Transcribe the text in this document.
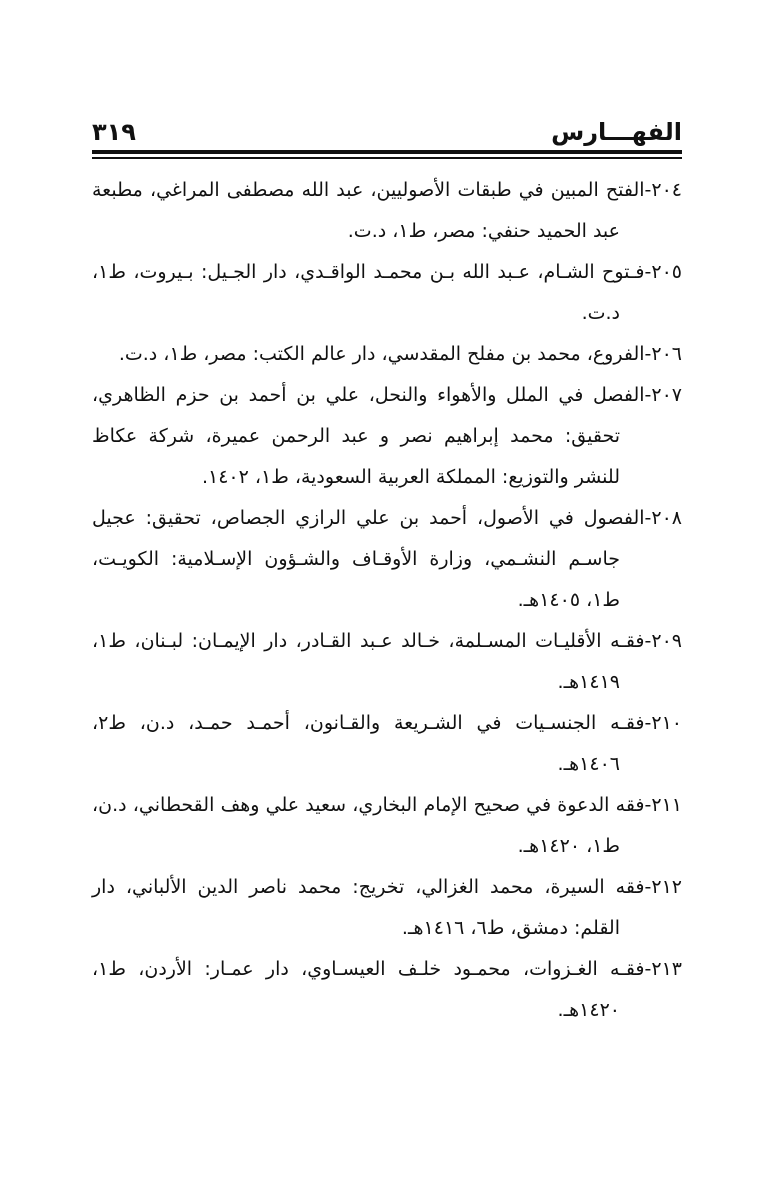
الفهـــارس
٣١٩

٢٠٤-الفتح المبين في طبقات الأصوليين، عبد الله مصطفى المراغي، مطبعة عبد الحميد حنفي: مصر، ط١، د.ت.

٢٠٥-فـتوح الشـام، عـبد الله بـن محمـد الواقـدي، دار الجـيل: بـيروت، ط١، د.ت.

٢٠٦-الفروع، محمد بن مفلح المقدسي، دار عالم الكتب: مصر، ط١، د.ت.

٢٠٧-الفصل في الملل والأهواء والنحل، علي بن أحمد بن حزم الظاهري، تحقيق: محمد إبراهيم نصر و عبد الرحمن عميرة، شركة عكاظ للنشر والتوزيع: المملكة العربية السعودية، ط١، ١٤٠٢.

٢٠٨-الفصول في الأصول، أحمد بن علي الرازي الجصاص، تحقيق: عجيل جاسـم النشـمي، وزارة الأوقـاف والشـؤون الإسـلامية: الكويـت، ط١، ١٤٠٥هـ.

٢٠٩-فقـه الأقليـات المسـلمة، خـالد عـبد القـادر، دار الإيمـان: لبـنان، ط١، ١٤١٩هـ.

٢١٠-فقـه الجنسـيات في الشـريعة والقـانون، أحمـد حمـد، د.ن، ط٢، ١٤٠٦هـ.

٢١١-فقه الدعوة في صحيح الإمام البخاري، سعيد علي وهف القحطاني، د.ن، ط١، ١٤٢٠هـ.

٢١٢-فقه السيرة، محمد الغزالي، تخريج: محمد ناصر الدين الألباني، دار القلم: دمشق، ط٦، ١٤١٦هـ.

٢١٣-فقـه الغـزوات، محمـود خلـف العيسـاوي، دار عمـار: الأردن، ط١، ١٤٢٠هـ.
